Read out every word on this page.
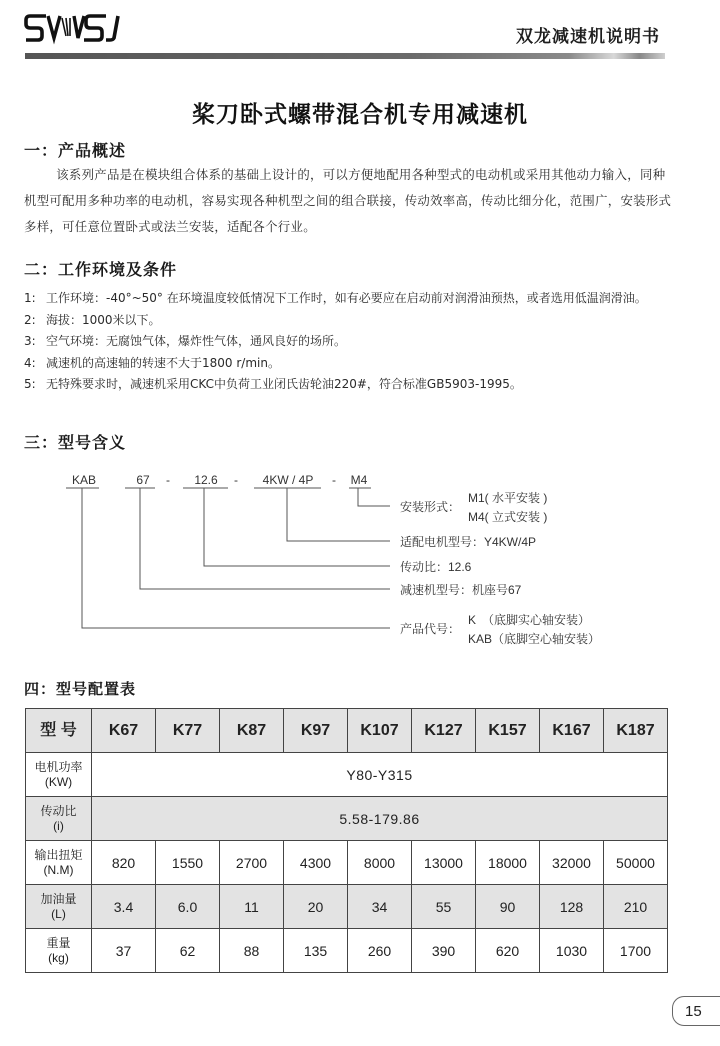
双龙减速机说明书
桨刀卧式螺带混合机专用减速机
一：产品概述
该系列产品是在模块组合体系的基础上设计的，可以方便地配用各种型式的电动机或采用其他动力输入，同种机型可配用多种功率的电动机，容易实现各种机型之间的组合联接，传动效率高，传动比细分化，范围广，安装形式多样，可任意位置卧式或法兰安装，适配各个行业。
二：工作环境及条件
1: 工作环境：-40°~50° 在环境温度较低情况下工作时，如有必要应在启动前对润滑油预热，或者选用低温润滑油。
2: 海拔：1000米以下。
3: 空气环境：无腐蚀气体，爆炸性气体，通风良好的场所。
4: 减速机的高速轴的转速不大于1800 r/min。
5: 无特殊要求时，减速机采用CKC中负荷工业闭氏齿轮油220#，符合标准GB5903-1995。
三：型号含义
KAB	67 - 12.6 - 4KW / 4P - M4
安装形式：
M1( 水平安装 )
M4( 立式安装 )
适配电机型号：Y4KW/4P
传动比：12.6
减速机型号：机座号67
产品代号：
K　（底脚实心轴安装）
KAB（底脚空心轴安装）
四：型号配置表
型 号	K67	K77	K87	K97	K107	K127	K157	K167	K187

电机功率
(KW)	Y80-Y315								

传动比
(i)	5.58-179.86								

输出扭矩
(N.M)	820	1550	2700	4300	8000	13000	18000	32000	50000

加油量
(L)	3.4	6.0	11	20	34	55	90	128	210

重量
(kg)	37	62	88	135	260	390	620	1030	1700
15
